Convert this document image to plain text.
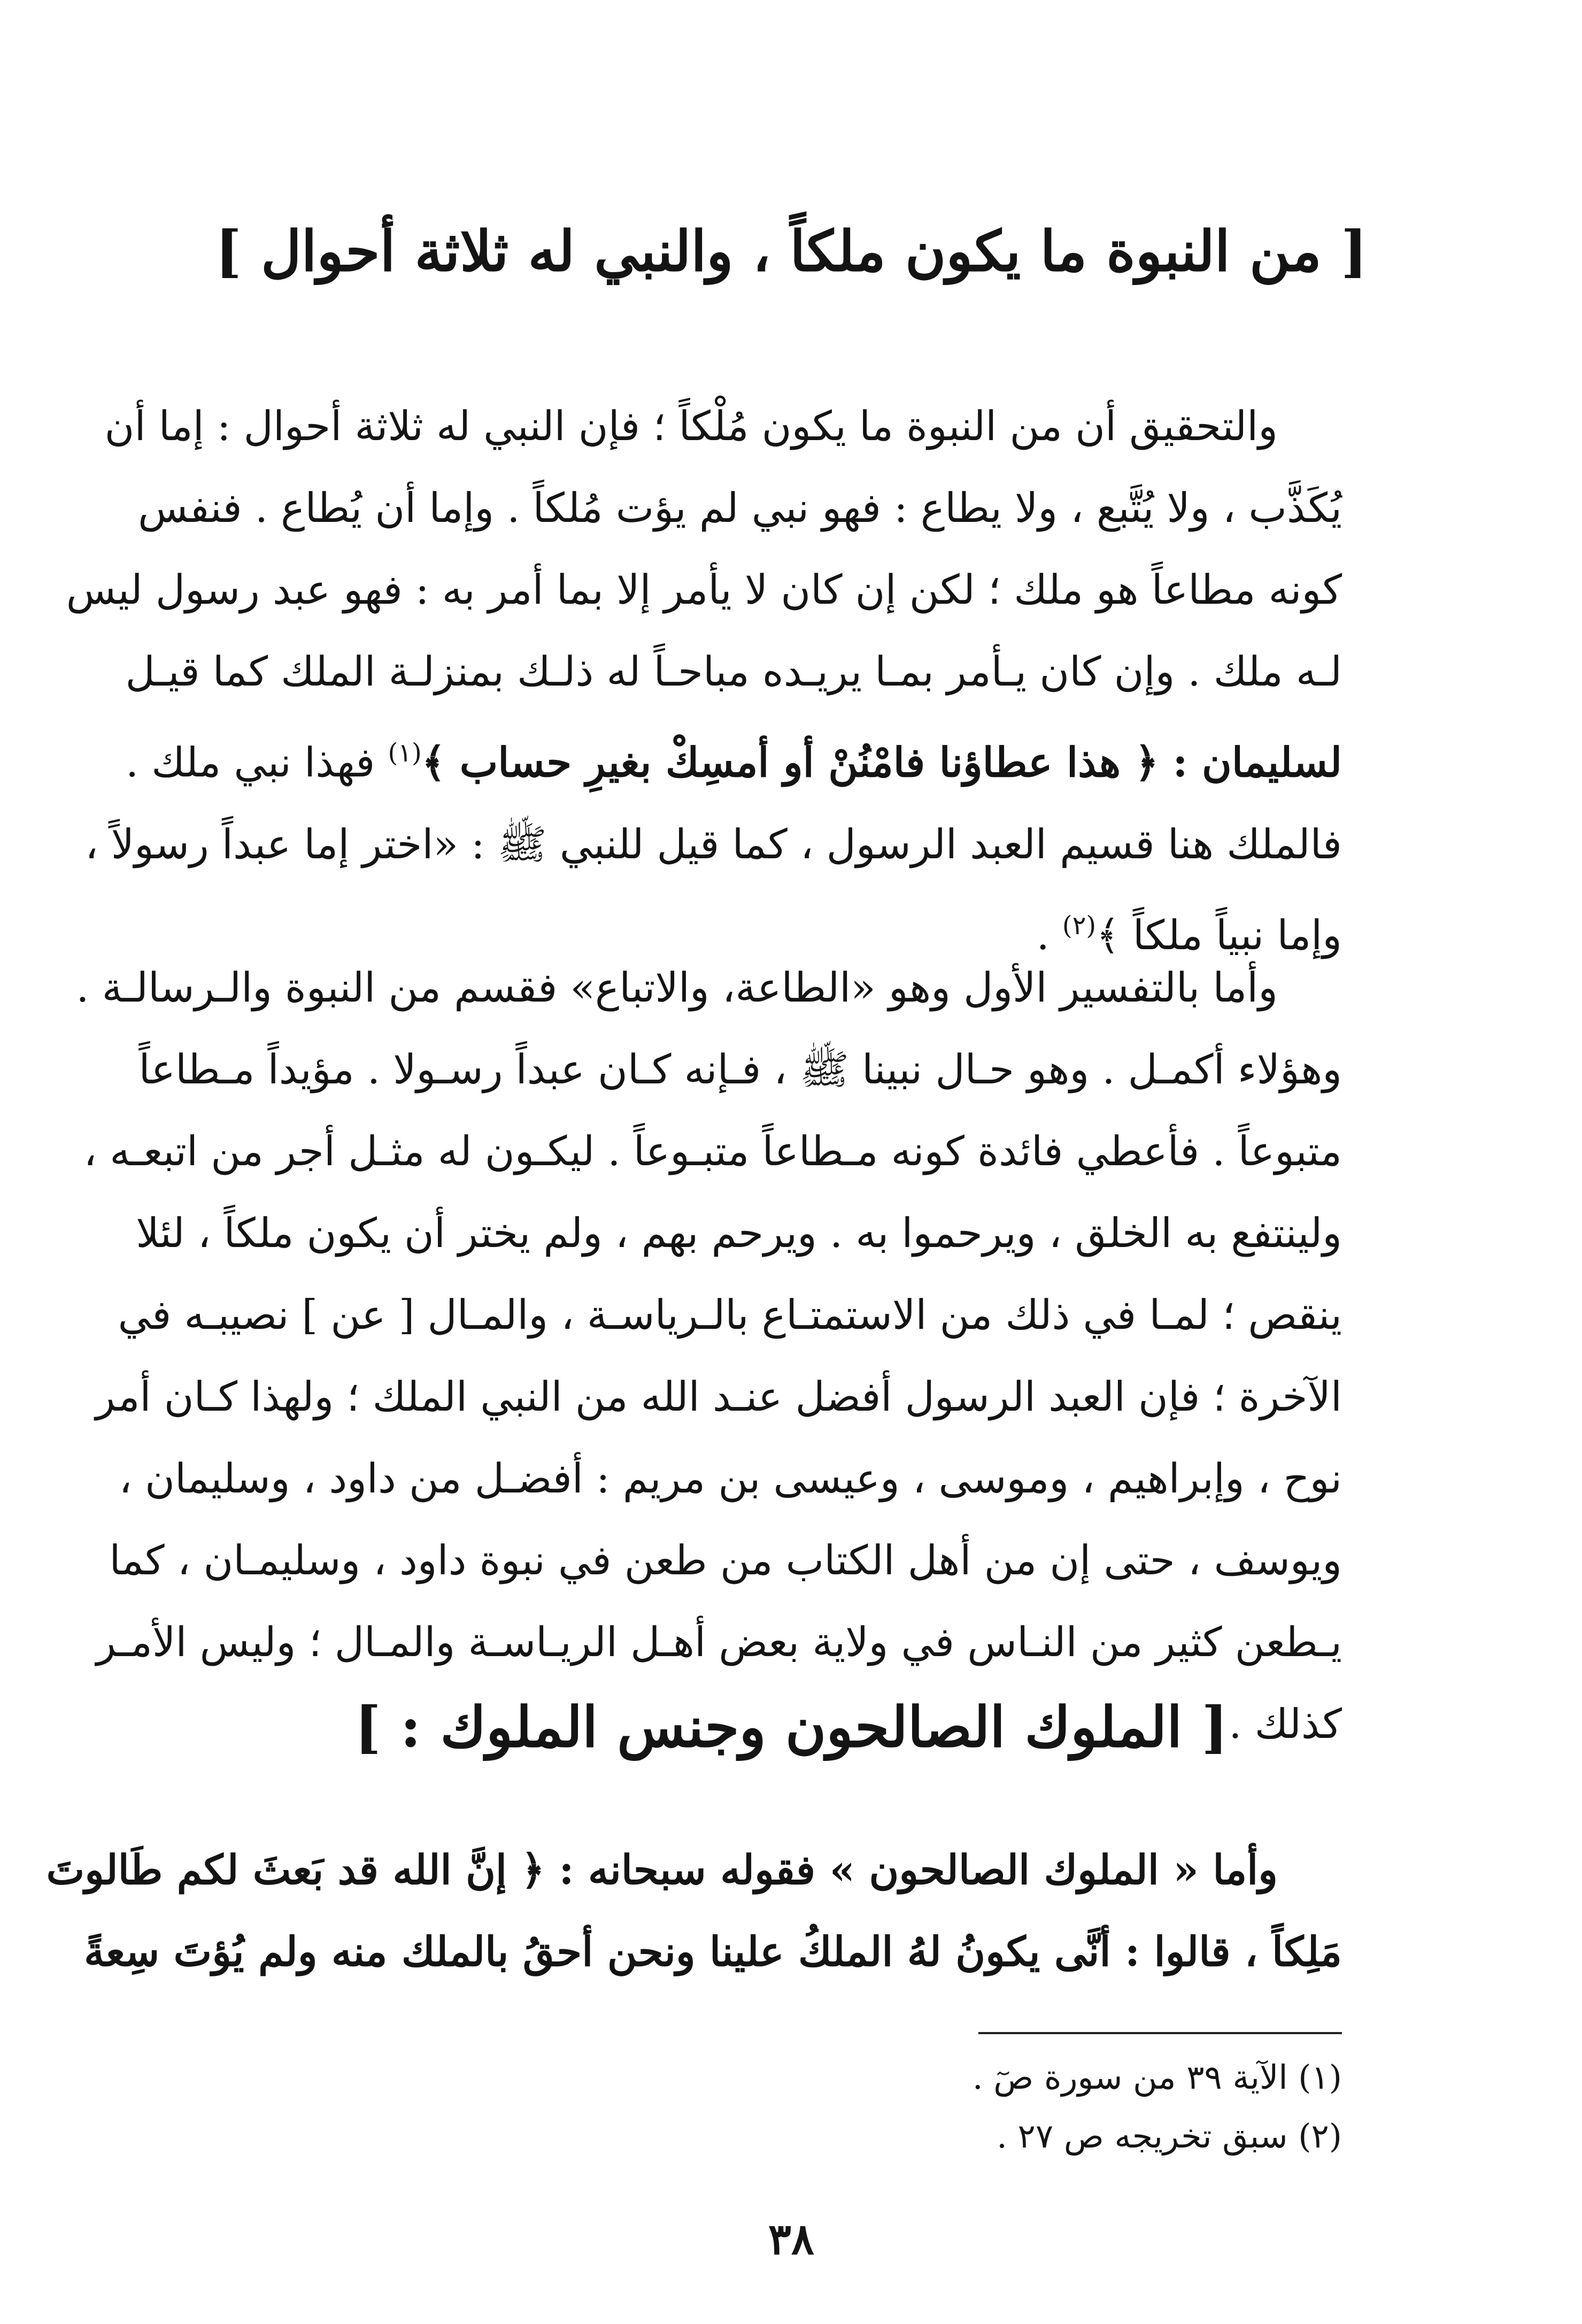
[ من النبوة ما يكون ملكاً ، والنبي له ثلاثة أحوال ]

والتحقيق أن من النبوة ما يكون مُلْكاً ؛ فإن النبي له ثلاثة أحوال : إما أن
يُكَذَّب ، ولا يُتَّبع ، ولا يطاع : فهو نبي لم يؤت مُلكاً . وإما أن يُطاع . فنفس
كونه مطاعاً هو ملك ؛ لكن إن كان لا يأمر إلا بما أمر به : فهو عبد رسول ليس
لـه ملك . وإن كان يـأمر بمـا يريـده مباحـاً له ذلـك بمنزلـة الملك كما قيـل
لسليمان : ﴿ هذا عطاؤنا فامْنُنْ أو أمسِكْ بغيرِ حساب ﴾$^{(١)}$ فهذا نبي ملك .
فالملك هنا قسيم العبد الرسول ، كما قيل للنبي ﷺ : «اختر إما عبداً رسولاً ،
وإما نبياً ملكاً ﴾$^{(٢)}$ .

وأما بالتفسير الأول وهو «الطاعة، والاتباع» فقسم من النبوة والـرسالـة .
وهؤلاء أكمـل . وهو حـال نبينا ﷺ ، فـإنه كـان عبداً رسـولا . مؤيداً مـطاعاً
متبوعاً . فأعطي فائدة كونه مـطاعاً متبـوعاً . ليكـون له مثـل أجر من اتبعـه ،
ولينتفع به الخلق ، ويرحموا به . ويرحم بهم ، ولم يختر أن يكون ملكاً ، لئلا
ينقص ؛ لمـا في ذلك من الاستمتـاع بالـرياسـة ، والمـال [ عن ] نصيبـه في
الآخرة ؛ فإن العبد الرسول أفضل عنـد الله من النبي الملك ؛ ولهذا كـان أمر
نوح ، وإبراهيم ، وموسى ، وعيسى بن مريم : أفضـل من داود ، وسليمان ،
ويوسف ، حتى إن من أهل الكتاب من طعن في نبوة داود ، وسليمـان ، كما
يـطعن كثير من النـاس في ولاية بعض أهـل الريـاسـة والمـال ؛ وليس الأمـر
كذلك .

[ الملوك الصالحون وجنس الملوك : ]

وأما « الملوك الصالحون » فقوله سبحانه : ﴿ إنَّ الله قد بَعثَ لكم طَالوتَ
مَلِكاً ، قالوا : أنَّى يكونُ لهُ الملكُ علينا ونحن أحقُ بالملك منه ولم يُؤتَ سِعةً

(١) الآية ٣٩ من سورة صٓ .
(٢) سبق تخريجه ص ٢٧ .
٣٨
